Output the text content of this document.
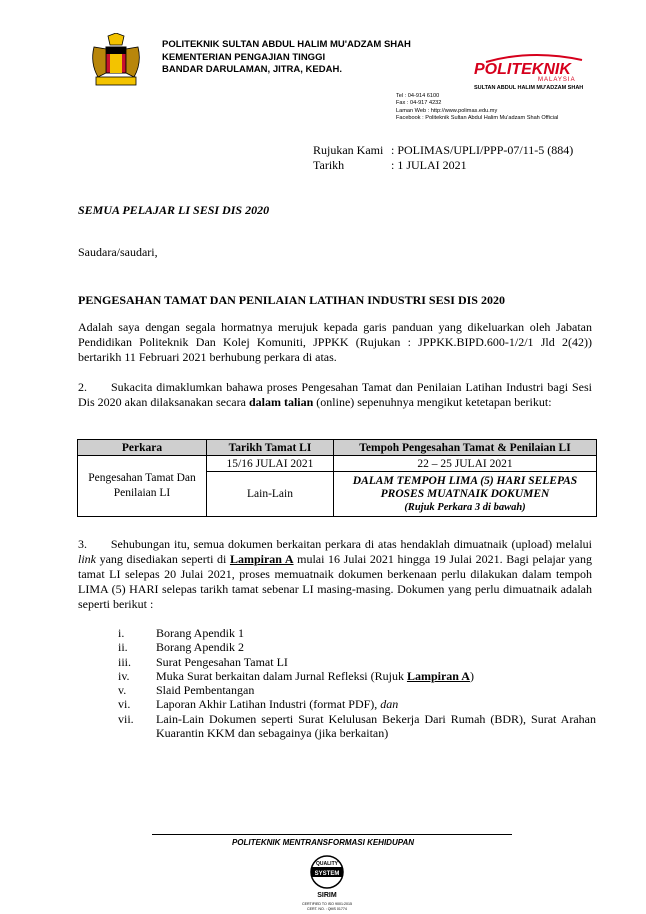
POLITEKNIK SULTAN ABDUL HALIM MU'ADZAM SHAH
KEMENTERIAN PENGAJIAN TINGGI
BANDAR DARULAMAN, JITRA, KEDAH.	POLITEKNIK
MALAYSIA
SULTAN ABDUL HALIM MU'ADZAM SHAH
Tel : 04-914 6100
Fax : 04-917 4232
Laman Web : http://www.polimas.edu.my
Facebook : Politeknik Sultan Abdul Halim Mu'adzam Shah Official
Rujukan Kami : POLIMAS/UPLI/PPP-07/11-5 (884)
Tarikh	: 1 JULAI 2021
SEMUA PELAJAR LI SESI DIS 2020
Saudara/saudari,
PENGESAHAN TAMAT DAN PENILAIAN LATIHAN INDUSTRI SESI DIS 2020
Adalah saya dengan segala hormatnya merujuk kepada garis panduan yang dikeluarkan oleh Jabatan Pendidikan Politeknik Dan Kolej Komuniti, JPPKK (Rujukan : JPPKK.BIPD.600-1/2/1 Jld 2(42)) bertarikh 11 Februari 2021 berhubung perkara di atas.
2. Sukacita dimaklumkan bahawa proses Pengesahan Tamat dan Penilaian Latihan Industri bagi Sesi Dis 2020 akan dilaksanakan secara dalam talian (online) sepenuhnya mengikut ketetapan berikut:
Perkara	Tarikh Tamat LI	Tempoh Pengesahan Tamat & Penilaian LI
Pengesahan Tamat Dan Penilaian LI	15/16 JULAI 2021	22 – 25 JULAI 2021
	Lain-Lain	DALAM TEMPOH LIMA (5) HARI SELEPAS
PROSES MUATNAIK DOKUMEN
(Rujuk Perkara 3 di bawah)
3. Sehubungan itu, semua dokumen berkaitan perkara di atas hendaklah dimuatnaik (upload) melalui link yang disediakan seperti di Lampiran A mulai 16 Julai 2021 hingga 19 Julai 2021. Bagi pelajar yang tamat LI selepas 20 Julai 2021, proses memuatnaik dokumen berkenaan perlu dilakukan dalam tempoh LIMA (5) HARI selepas tarikh tamat sebenar LI masing-masing. Dokumen yang perlu dimuatnaik adalah seperti berikut :
i.	Borang Apendik 1
ii.	Borang Apendik 2
iii.	Surat Pengesahan Tamat LI
iv.	Muka Surat berkaitan dalam Jurnal Refleksi (Rujuk Lampiran A)
v.	Slaid Pembentangan
vi.	Laporan Akhir Latihan Industri (format PDF), dan
vii.	Lain-Lain Dokumen seperti Surat Kelulusan Bekerja Dari Rumah (BDR), Surat Arahan Kuarantin KKM dan sebagainya (jika berkaitan)
POLITEKNIK MENTRANSFORMASI KEHIDUPAN
QUALITY
SYSTEM
SIRIM
CERTIFIED TO ISO 9001:2015
CERT. NO. : QMS 01774
